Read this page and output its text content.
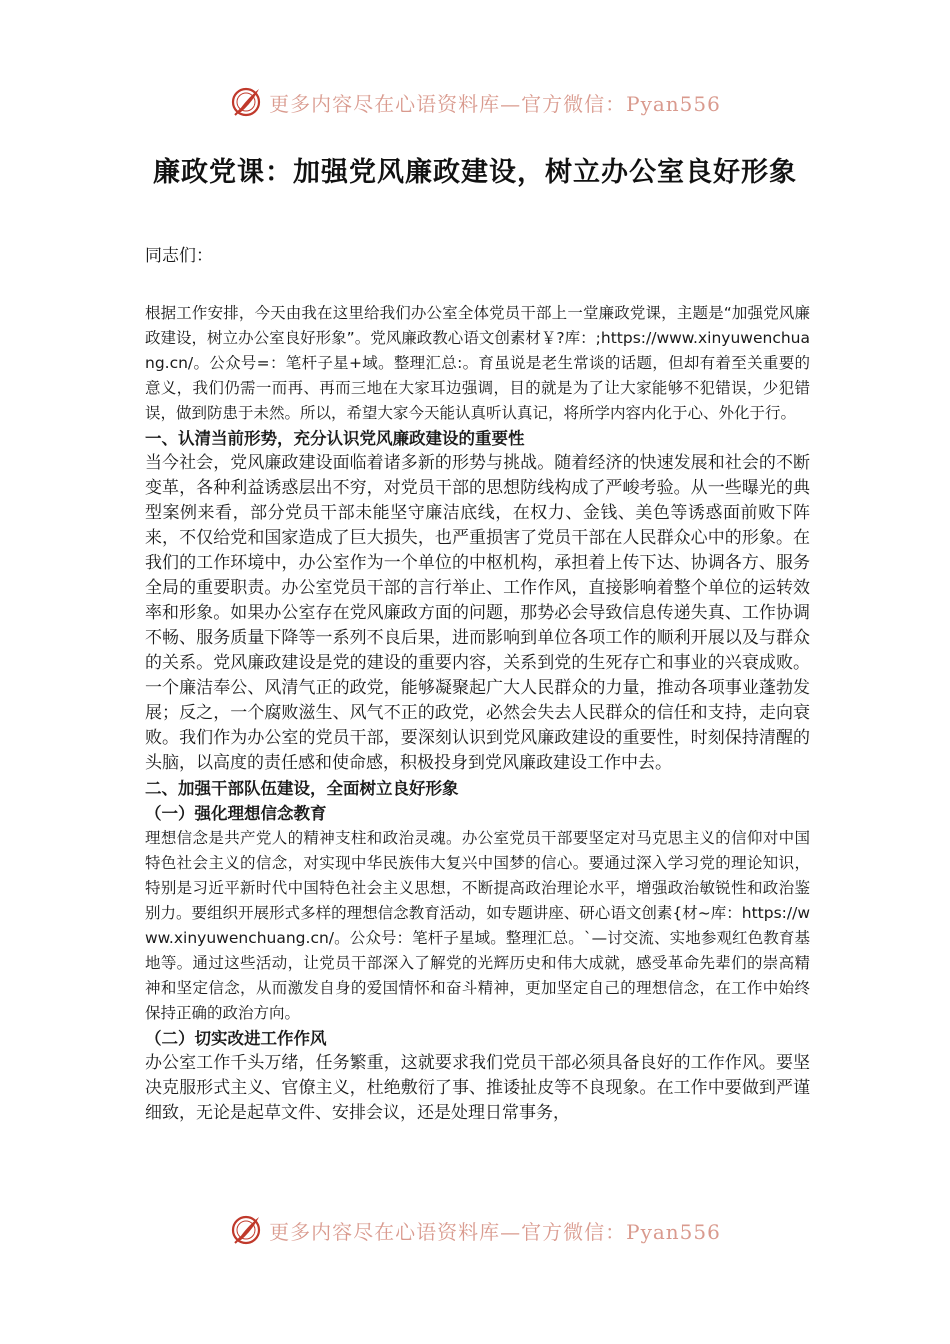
更多内容尽在心语资料库—官方微信：Pyan556
廉政党课：加强党风廉政建设，树立办公室良好形象

同志们：

根据工作安排，今天由我在这里给我们办公室全体党员干部上一堂廉政党课，主题是“加强党风廉政建设，树立办公室良好形象”。党风廉政教心语文创素材￥?库：;https://www.xinyuwenchuang.cn/。公众号=：笔杆子星+域。整理汇总:。育虽说是老生常谈的话题，但却有着至关重要的意义，我们仍需一而再、再而三地在大家耳边强调，目的就是为了让大家能够不犯错误，少犯错误，做到防患于未然。所以，希望大家今天能认真听认真记，将所学内容内化于心、外化于行。

一、认清当前形势，充分认识党风廉政建设的重要性

当今社会，党风廉政建设面临着诸多新的形势与挑战。随着经济的快速发展和社会的不断变革，各种利益诱惑层出不穷，对党员干部的思想防线构成了严峻考验。从一些曝光的典型案例来看，部分党员干部未能坚守廉洁底线，在权力、金钱、美色等诱惑面前败下阵来，不仅给党和国家造成了巨大损失，也严重损害了党员干部在人民群众心中的形象。在我们的工作环境中，办公室作为一个单位的中枢机构，承担着上传下达、协调各方、服务全局的重要职责。办公室党员干部的言行举止、工作作风，直接影响着整个单位的运转效率和形象。如果办公室存在党风廉政方面的问题，那势必会导致信息传递失真、工作协调不畅、服务质量下降等一系列不良后果，进而影响到单位各项工作的顺利开展以及与群众的关系。党风廉政建设是党的建设的重要内容，关系到党的生死存亡和事业的兴衰成败。一个廉洁奉公、风清气正的政党，能够凝聚起广大人民群众的力量，推动各项事业蓬勃发展；反之，一个腐败滋生、风气不正的政党，必然会失去人民群众的信任和支持，走向衰败。我们作为办公室的党员干部，要深刻认识到党风廉政建设的重要性，时刻保持清醒的头脑，以高度的责任感和使命感，积极投身到党风廉政建设工作中去。

二、加强干部队伍建设，全面树立良好形象

（一）强化理想信念教育

理想信念是共产党人的精神支柱和政治灵魂。办公室党员干部要坚定对马克思主义的信仰对中国特色社会主义的信念，对实现中华民族伟大复兴中国梦的信心。要通过深入学习党的理论知识，特别是习近平新时代中国特色社会主义思想，不断提高政治理论水平，增强政治敏锐性和政治鉴别力。要组织开展形式多样的理想信念教育活动，如专题讲座、研心语文创素{材~库：https://www.xinyuwenchuang.cn/。公众号：笔杆子星域。整理汇总。`—讨交流、实地参观红色教育基地等。通过这些活动，让党员干部深入了解党的光辉历史和伟大成就，感受革命先辈们的崇高精神和坚定信念，从而激发自身的爱国情怀和奋斗精神，更加坚定自己的理想信念，在工作中始终保持正确的政治方向。

（二）切实改进工作作风

办公室工作千头万绪，任务繁重，这就要求我们党员干部必须具备良好的工作作风。要坚决克服形式主义、官僚主义，杜绝敷衍了事、推诿扯皮等不良现象。在工作中要做到严谨细致，无论是起草文件、安排会议，还是处理日常事务，

更多内容尽在心语资料库—官方微信：Pyan556
